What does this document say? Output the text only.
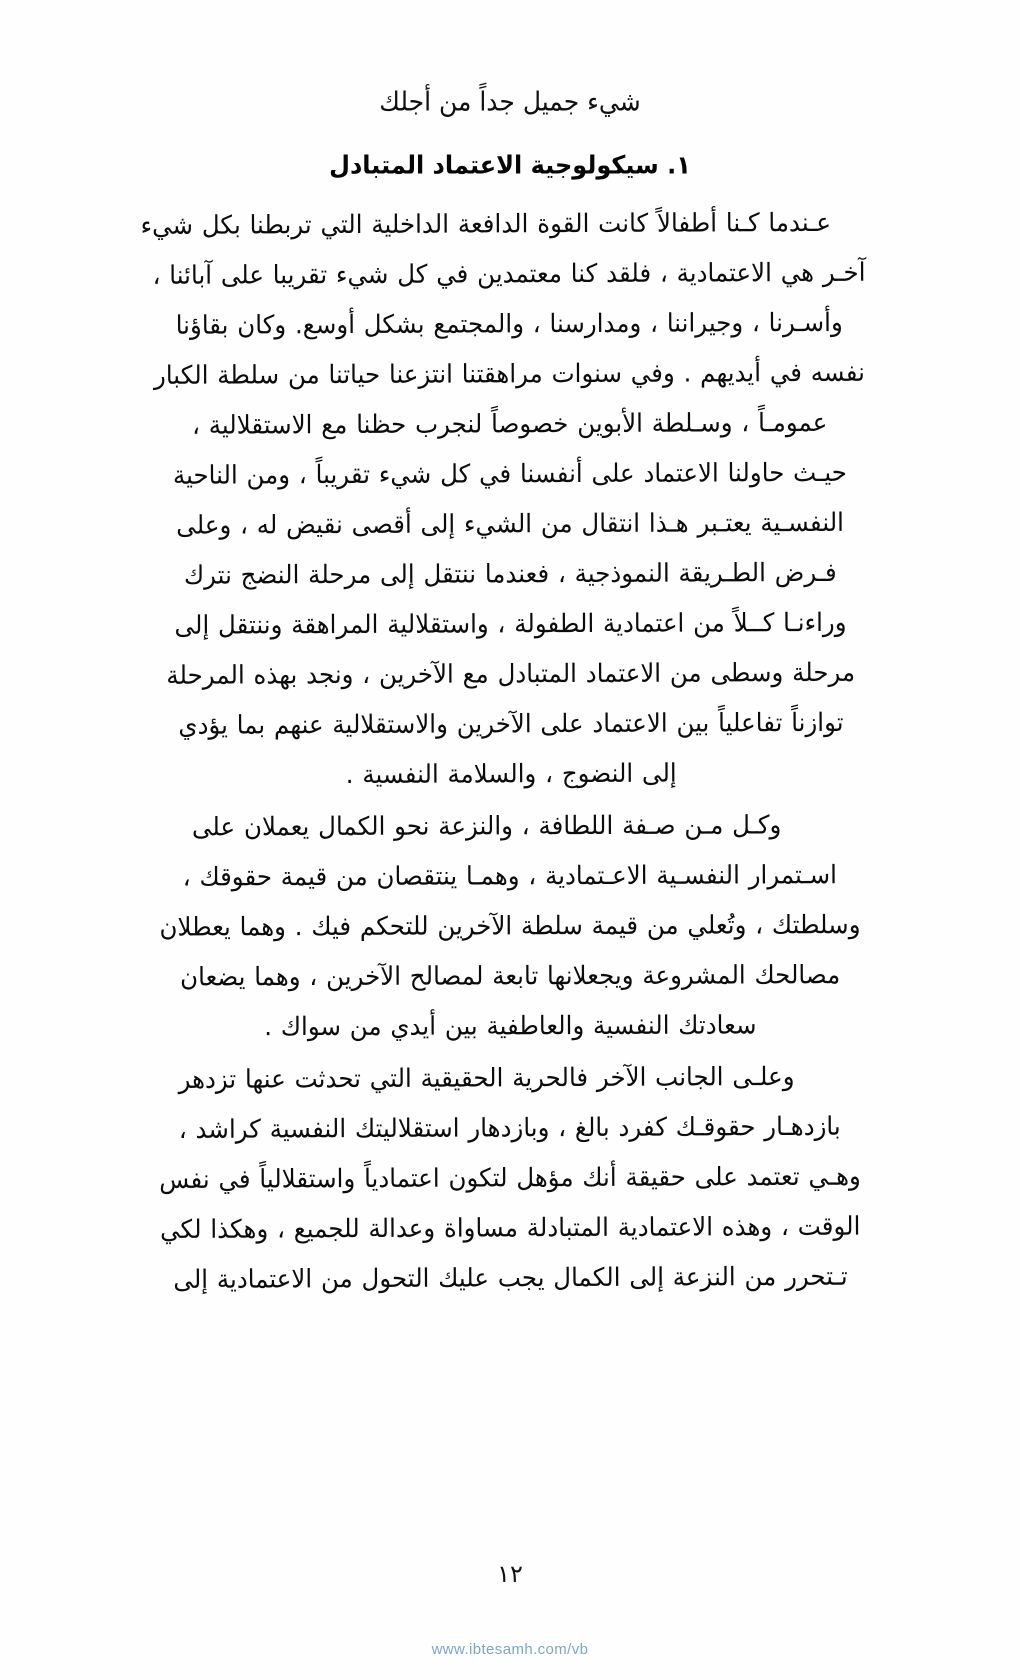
شيء جميل جداً من أجلك
١. سيكولوجية الاعتماد المتبادل
عـندما كـنا أطفالاً كانت القوة الدافعة الداخلية التي تربطنا بكل شيء
آخـر هي الاعتمادية ، فلقد كنا معتمدين في كل شيء تقريبا على آبائنا ،
وأسـرنا ، وجيراننا ، ومدارسنا ، والمجتمع بشكل أوسع. وكان بقاؤنا
نفسه في أيديهم . وفي سنوات مراهقتنا انتزعنا حياتنا من سلطة الكبار
عمومـاً ، وسـلطة الأبوين خصوصاً لنجرب حظنا مع الاستقلالية ،
حيـث حاولنا الاعتماد على أنفسنا في كل شيء تقريباً ، ومن الناحية
النفسـية يعتـبر هـذا انتقال من الشيء إلى أقصى نقيض له ، وعلى
فـرض الطـريقة النموذجية ، فعندما ننتقل إلى مرحلة النضج نترك
وراءنـا كــلاً من اعتمادية الطفولة ، واستقلالية المراهقة وننتقل إلى
مرحلة وسطى من الاعتماد المتبادل مع الآخرين ، ونجد بهذه المرحلة
توازناً تفاعلياً بين الاعتماد على الآخرين والاستقلالية عنهم بما يؤدي
إلى النضوج ، والسلامة النفسية .
وكـل مـن صـفة اللطافة ، والنزعة نحو الكمال يعملان على
اسـتمرار النفسـية الاعـتمادية ، وهمـا ينتقصان من قيمة حقوقك ،
وسلطتك ، وتُعلي من قيمة سلطة الآخرين للتحكم فيك . وهما يعطلان
مصالحك المشروعة ويجعلانها تابعة لمصالح الآخرين ، وهما يضعان
سعادتك النفسية والعاطفية بين أيدي من سواك .
وعلـى الجانب الآخر فالحرية الحقيقية التي تحدثت عنها تزدهر
بازدهـار حقوقـك كفرد بالغ ، وبازدهار استقلاليتك النفسية كراشد ،
وهـي تعتمد على حقيقة أنك مؤهل لتكون اعتمادياً واستقلالياً في نفس
الوقت ، وهذه الاعتمادية المتبادلة مساواة وعدالة للجميع ، وهكذا لكي
تـتحرر من النزعة إلى الكمال يجب عليك التحول من الاعتمادية إلى
١٢
www.ibtesamh.com/vb
